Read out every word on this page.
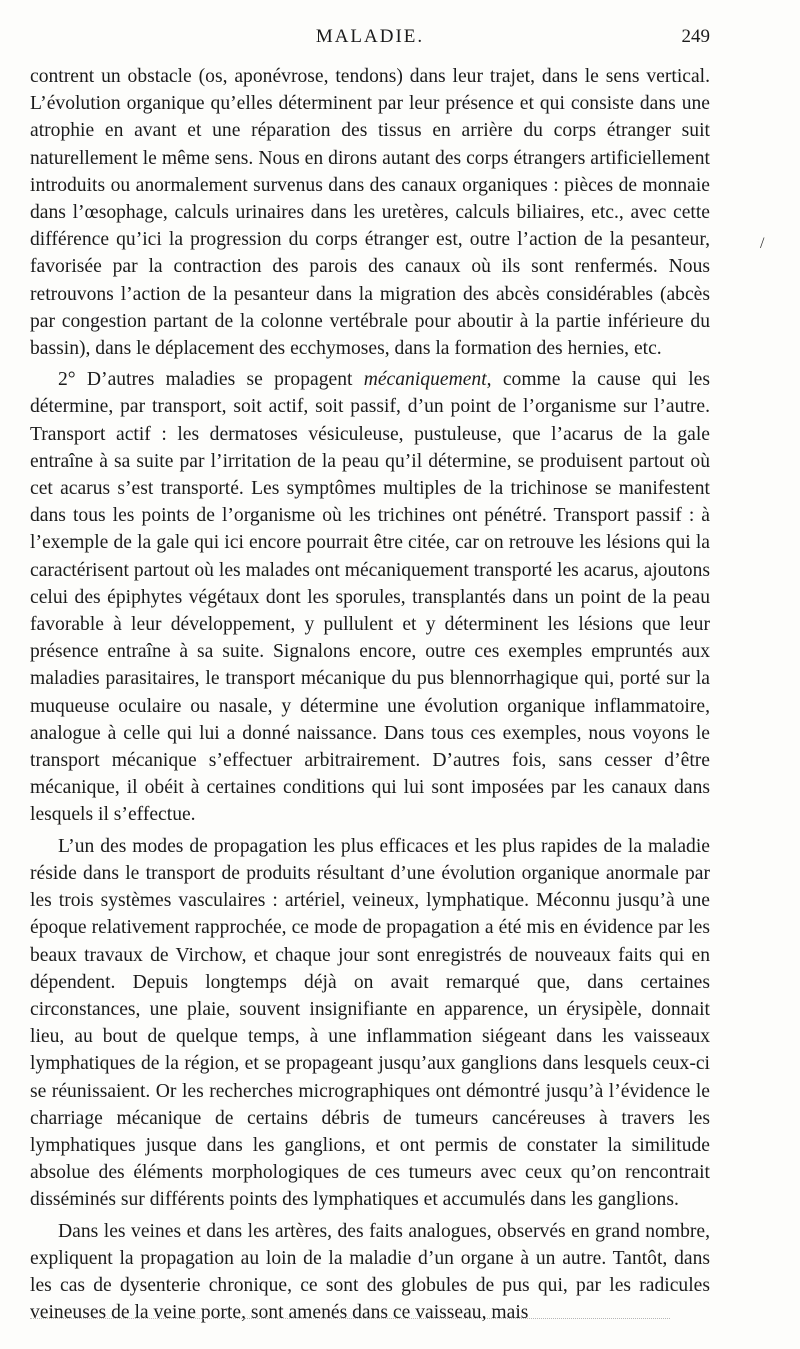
MALADIE.	249
/

contrent un obstacle (os, aponévrose, tendons) dans leur trajet, dans le sens vertical. L’évolution organique qu’elles déterminent par leur présence et qui consiste dans une atrophie en avant et une réparation des tissus en arrière du corps étranger suit naturellement le même sens. Nous en dirons autant des corps étrangers artificiellement introduits ou anormalement survenus dans des canaux organiques : pièces de monnaie dans l’œsophage, calculs urinaires dans les uretères, calculs biliaires, etc., avec cette différence qu’ici la progression du corps étranger est, outre l’action de la pesanteur, favorisée par la contraction des parois des canaux où ils sont renfermés. Nous retrouvons l’action de la pesanteur dans la migration des abcès considérables (abcès par congestion partant de la colonne vertébrale pour aboutir à la partie inférieure du bassin), dans le déplacement des ecchymoses, dans la formation des hernies, etc.

2° D’autres maladies se propagent mécaniquement, comme la cause qui les détermine, par transport, soit actif, soit passif, d’un point de l’organisme sur l’autre. Transport actif : les dermatoses vésiculeuse, pustuleuse, que l’acarus de la gale entraîne à sa suite par l’irritation de la peau qu’il détermine, se produisent partout où cet acarus s’est transporté. Les symptômes multiples de la trichinose se manifestent dans tous les points de l’organisme où les trichines ont pénétré. Transport passif : à l’exemple de la gale qui ici encore pourrait être citée, car on retrouve les lésions qui la caractérisent partout où les malades ont mécaniquement transporté les acarus, ajoutons celui des épiphytes végétaux dont les sporules, transplantés dans un point de la peau favorable à leur développement, y pullulent et y déterminent les lésions que leur présence entraîne à sa suite. Signalons encore, outre ces exemples empruntés aux maladies parasitaires, le transport mécanique du pus blennorrhagique qui, porté sur la muqueuse oculaire ou nasale, y détermine une évolution organique inflammatoire, analogue à celle qui lui a donné naissance. Dans tous ces exemples, nous voyons le transport mécanique s’effectuer arbitrairement. D’autres fois, sans cesser d’être mécanique, il obéit à certaines conditions qui lui sont imposées par les canaux dans lesquels il s’effectue.

L’un des modes de propagation les plus efficaces et les plus rapides de la maladie réside dans le transport de produits résultant d’une évolution organique anormale par les trois systèmes vasculaires : artériel, veineux, lymphatique. Méconnu jusqu’à une époque relativement rapprochée, ce mode de propagation a été mis en évidence par les beaux travaux de Virchow, et chaque jour sont enregistrés de nouveaux faits qui en dépendent. Depuis longtemps déjà on avait remarqué que, dans certaines circonstances, une plaie, souvent insignifiante en apparence, un érysipèle, donnait lieu, au bout de quelque temps, à une inflammation siégeant dans les vaisseaux lymphatiques de la région, et se propageant jusqu’aux ganglions dans lesquels ceux-ci se réunissaient. Or les recherches micrographiques ont démontré jusqu’à l’évidence le charriage mécanique de certains débris de tumeurs cancéreuses à travers les lymphatiques jusque dans les ganglions, et ont permis de constater la similitude absolue des éléments morphologiques de ces tumeurs avec ceux qu’on rencontrait disséminés sur différents points des lymphatiques et accumulés dans les ganglions.

Dans les veines et dans les artères, des faits analogues, observés en grand nombre, expliquent la propagation au loin de la maladie d’un organe à un autre. Tantôt, dans les cas de dysenterie chronique, ce sont des globules de pus qui, par les radicules veineuses de la veine porte, sont amenés dans ce vaisseau, mais
